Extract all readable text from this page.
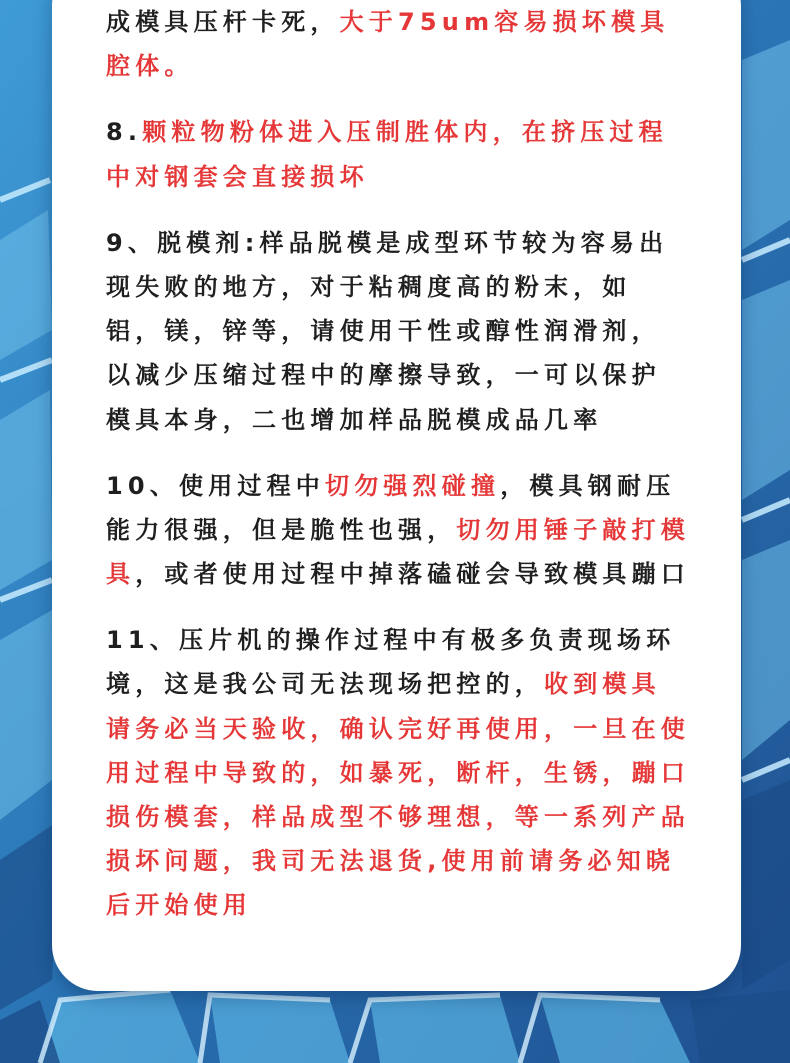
成模具压杆卡死，大于75um容易损坏模具
腔体。
8.颗粒物粉体进入压制胜体内，在挤压过程
中对钢套会直接损坏
9、脱模剂:样品脱模是成型环节较为容易出
现失败的地方，对于粘稠度高的粉末，如
铝，镁，锌等，请使用干性或醇性润滑剂，
以减少压缩过程中的摩擦导致，一可以保护
模具本身，二也增加样品脱模成品几率
10、使用过程中切勿强烈碰撞，模具钢耐压
能力很强，但是脆性也强，切勿用锤子敲打模
具，或者使用过程中掉落磕碰会导致模具蹦口
11、压片机的操作过程中有极多负责现场环
境，这是我公司无法现场把控的，收到模具
请务必当天验收，确认完好再使用，一旦在使
用过程中导致的，如暴死，断杆，生锈，蹦口
损伤模套，样品成型不够理想，等一系列产品
损坏问题，我司无法退货,使用前请务必知晓
后开始使用
